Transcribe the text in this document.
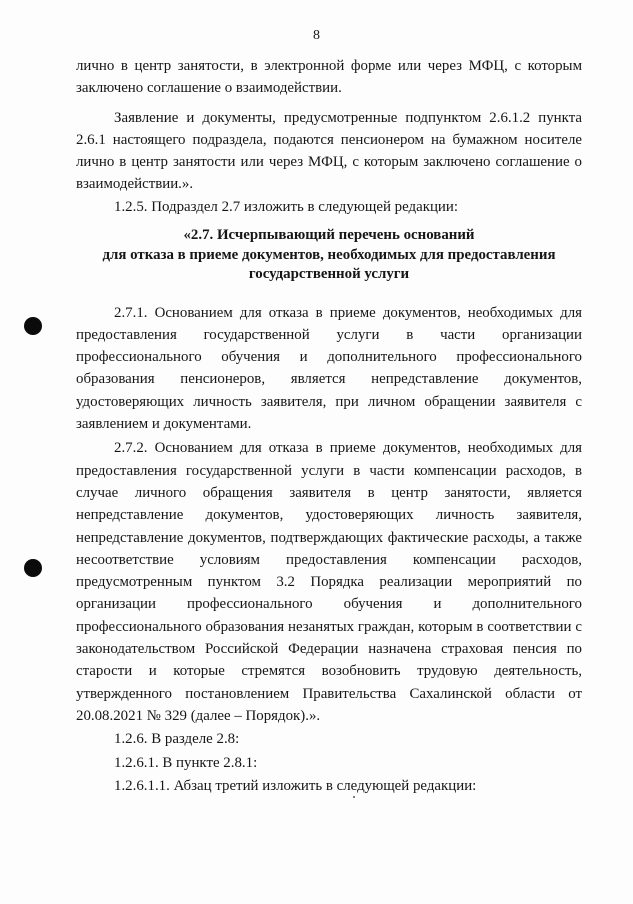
8

лично в центр занятости, в электронной форме или через МФЦ, с которым заключено соглашение о взаимодействии.

Заявление и документы, предусмотренные подпунктом 2.6.1.2 пункта 2.6.1 настоящего подраздела, подаются пенсионером на бумажном носителе лично в центр занятости или через МФЦ, с которым заключено соглашение о взаимодействии.».

1.2.5. Подраздел 2.7 изложить в следующей редакции:

«2.7. Исчерпывающий перечень оснований
для отказа в приеме документов, необходимых для предоставления
государственной услуги

2.7.1. Основанием для отказа в приеме документов, необходимых для предоставления государственной услуги в части организации профессионального обучения и дополнительного профессионального образования пенсионеров, является непредставление документов, удостоверяющих личность заявителя, при личном обращении заявителя с заявлением и документами.

2.7.2. Основанием для отказа в приеме документов, необходимых для предоставления государственной услуги в части компенсации расходов, в случае личного обращения заявителя в центр занятости, является непредставление документов, удостоверяющих личность заявителя, непредставление документов, подтверждающих фактические расходы, а также несоответствие условиям предоставления компенсации расходов, предусмотренным пунктом 3.2 Порядка реализации мероприятий по организации профессионального обучения и дополнительного профессионального образования незанятых граждан, которым в соответствии с законодательством Российской Федерации назначена страховая пенсия по старости и которые стремятся возобновить трудовую деятельность, утвержденного постановлением Правительства Сахалинской области от 20.08.2021 № 329 (далее – Порядок).».

1.2.6. В разделе 2.8:

1.2.6.1. В пункте 2.8.1:

1.2.6.1.1. Абзац третий изложить в следующей редакции:
